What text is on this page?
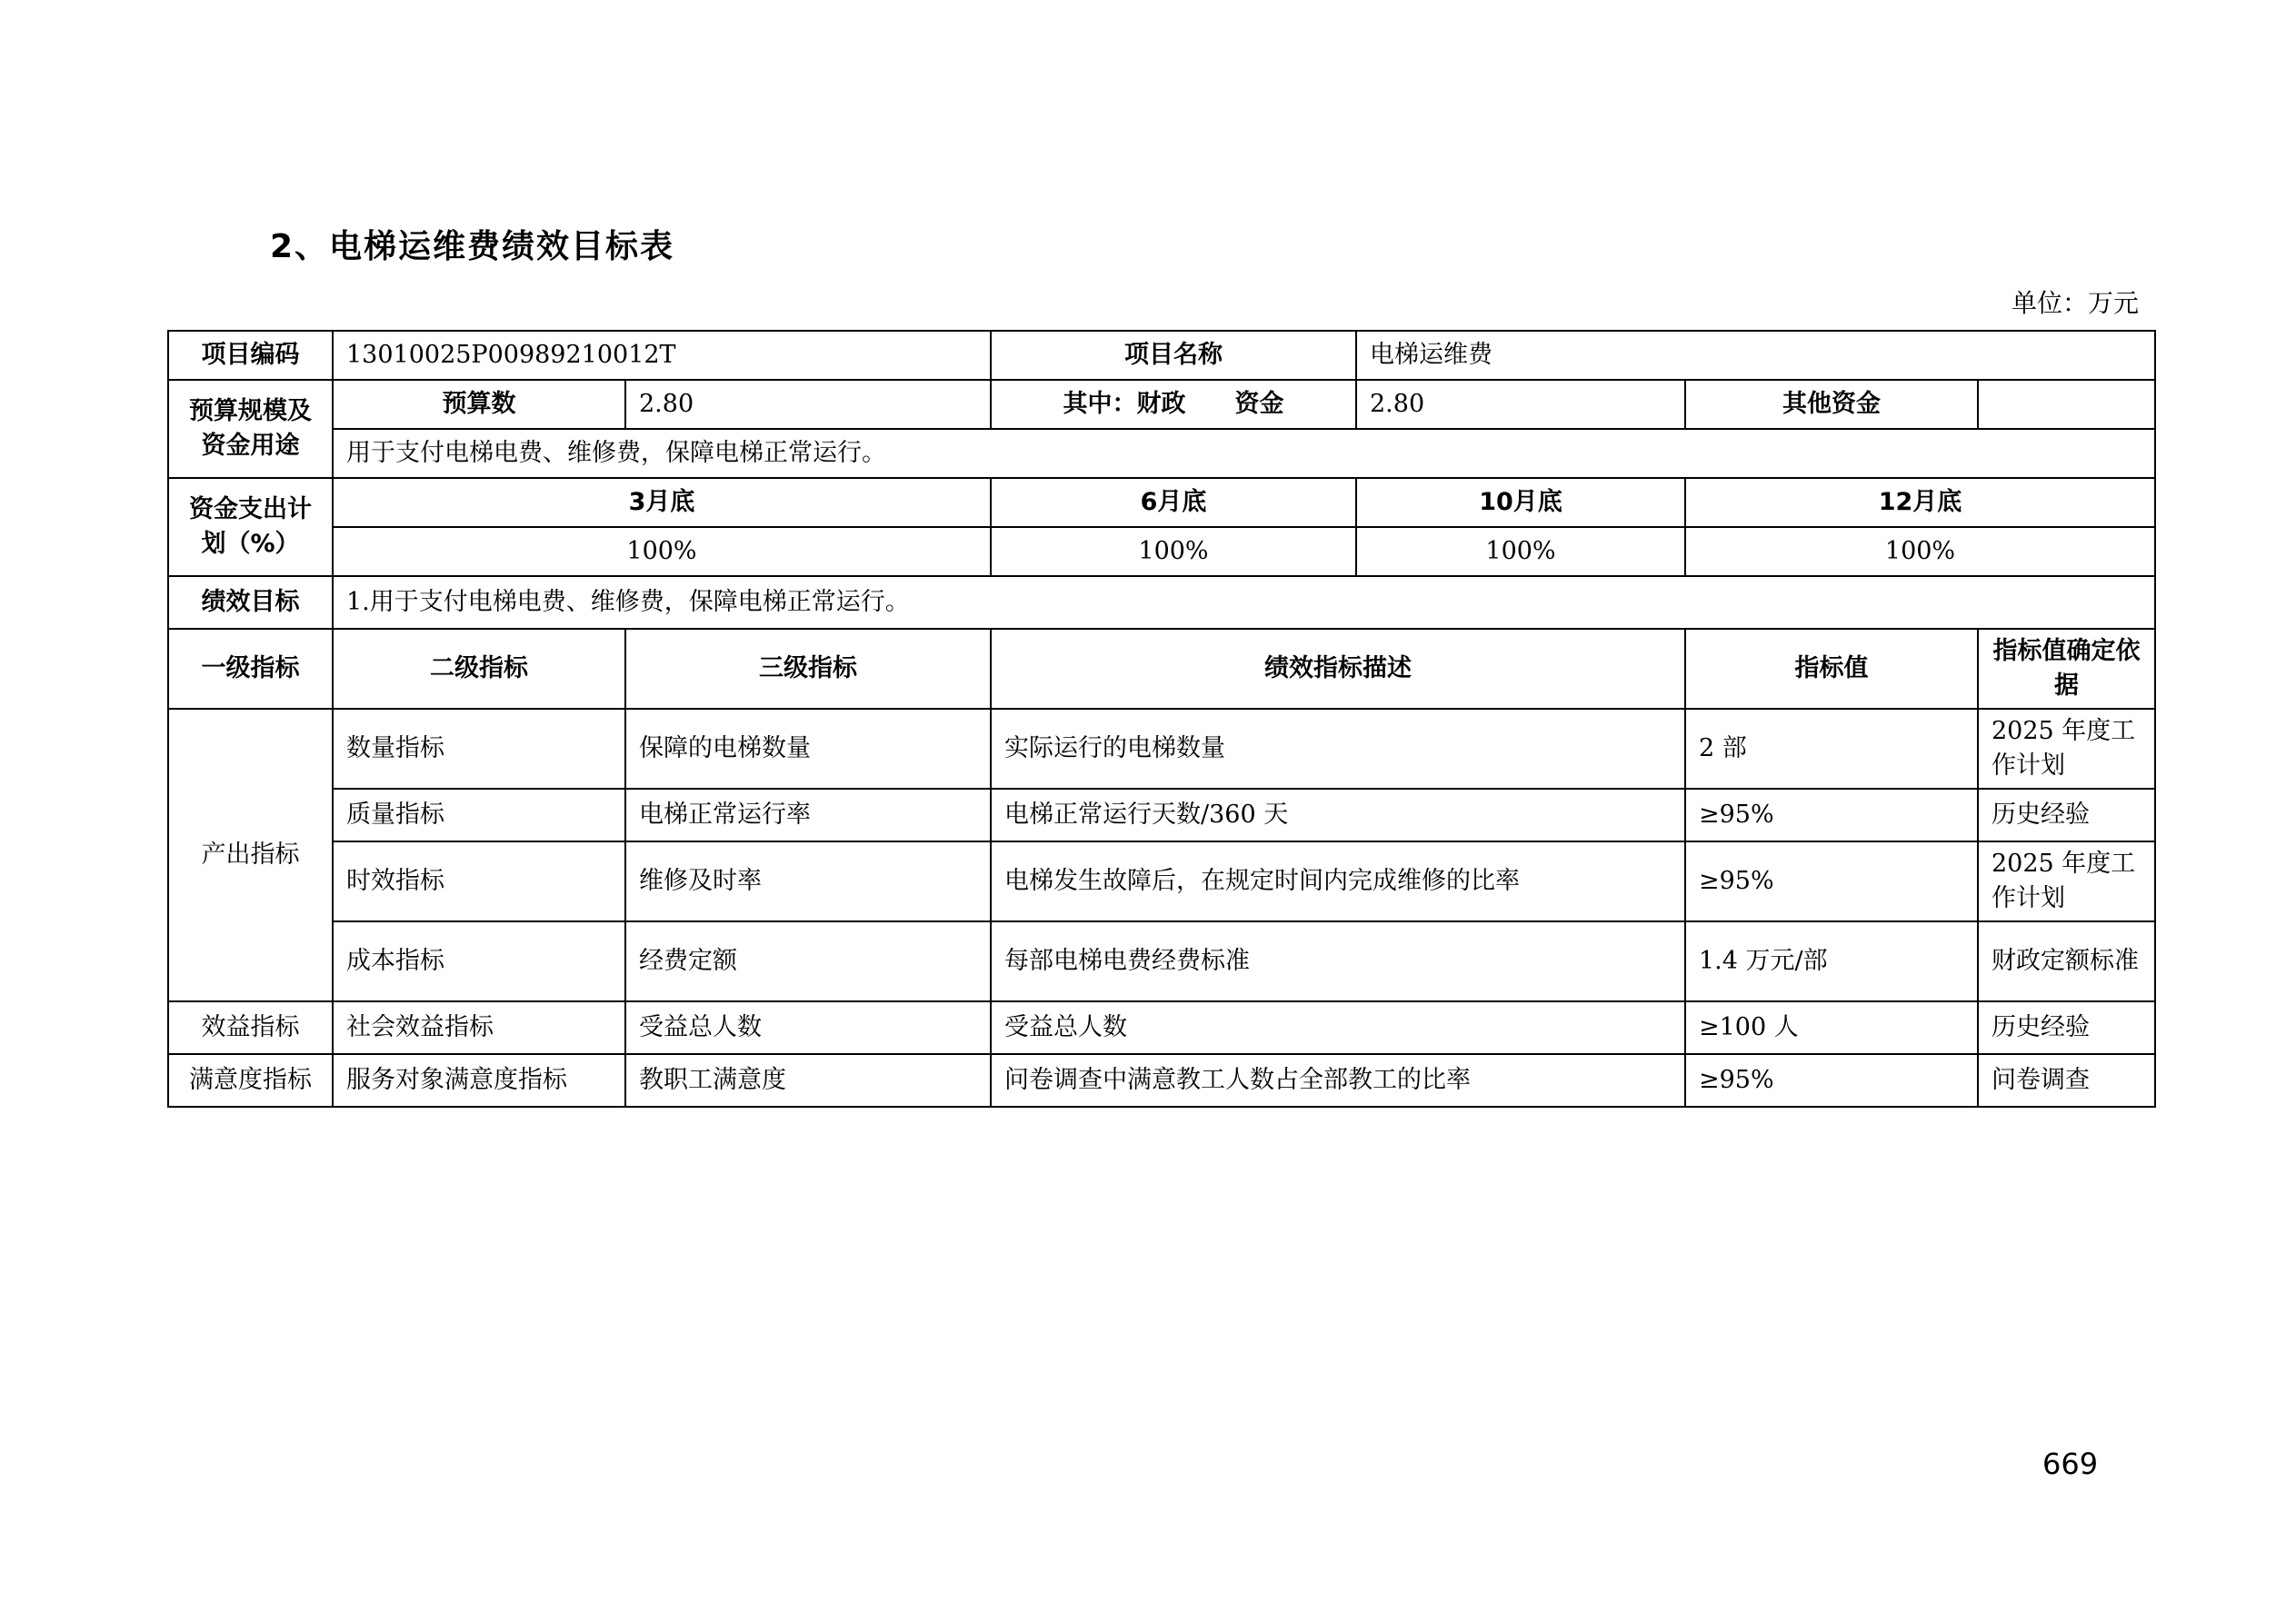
2、电梯运维费绩效目标表
单位：万元
项目编码	13010025P00989210012T		项目名称	电梯运维费		
预算规模及资金用途	预算数	2.80	其中：财政　　资金	2.80	其他资金	
	用于支付电梯电费、维修费，保障电梯正常运行。					
资金支出计划（%）	3月底		6月底	10月底	12月底	
	100%		100%	100%	100%	
绩效目标	1.用于支付电梯电费、维修费，保障电梯正常运行。					
一级指标	二级指标	三级指标	绩效指标描述		指标值	指标值确定依据
产出指标	数量指标	保障的电梯数量	实际运行的电梯数量		2 部	2025 年度工作计划
	质量指标	电梯正常运行率	电梯正常运行天数/360 天		≥95%	历史经验
	时效指标	维修及时率	电梯发生故障后，在规定时间内完成维修的比率		≥95%	2025 年度工作计划
	成本指标	经费定额	每部电梯电费经费标准		1.4 万元/部	财政定额标准
效益指标	社会效益指标	受益总人数	受益总人数		≥100 人	历史经验
满意度指标	服务对象满意度指标	教职工满意度	问卷调查中满意教工人数占全部教工的比率		≥95%	问卷调查
669
